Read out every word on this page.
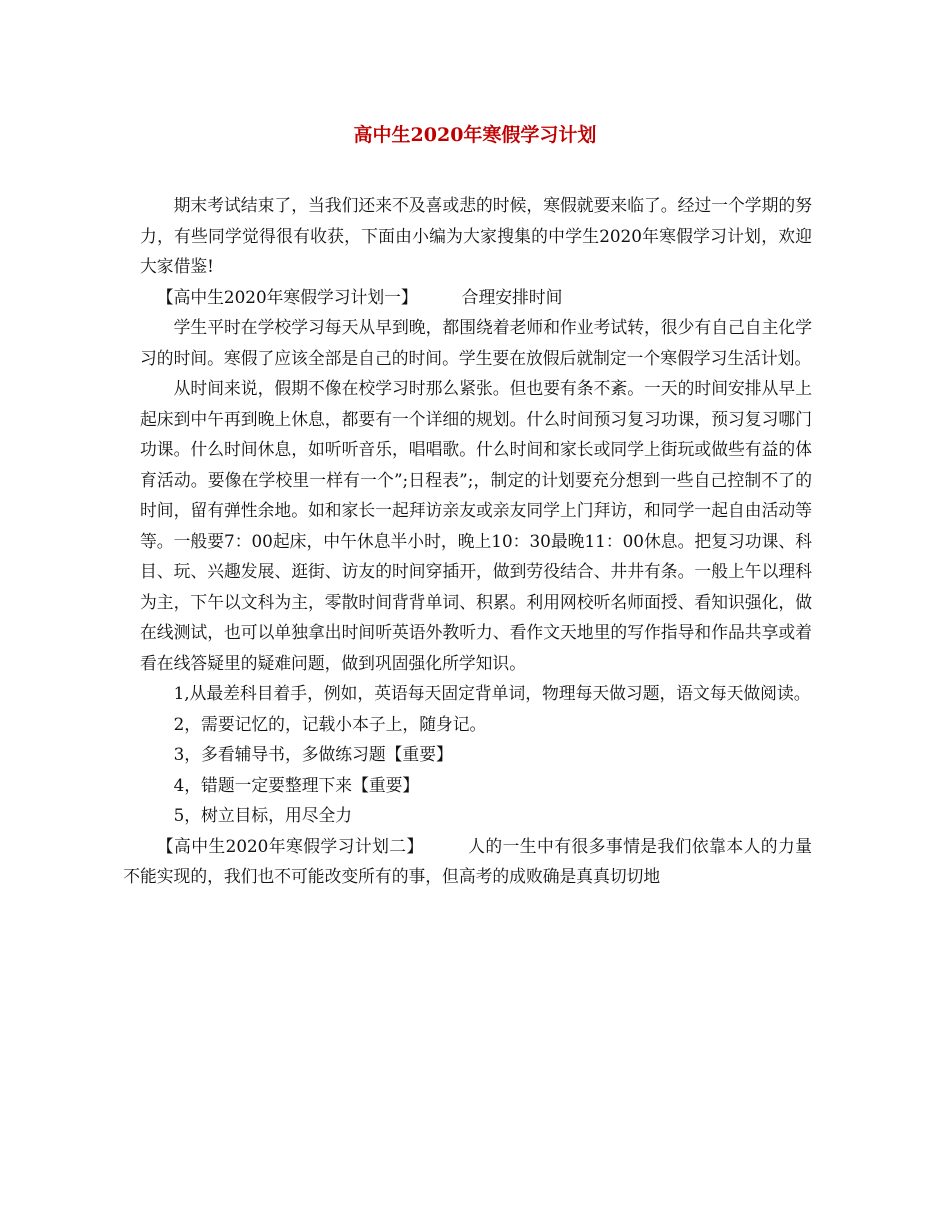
高中生2020年寒假学习计划

期末考试结束了，当我们还来不及喜或悲的时候，寒假就要来临了。经过一个学期的努力，有些同学觉得很有收获，下面由小编为大家搜集的中学生2020年寒假学习计划，欢迎大家借鉴!

【高中生2020年寒假学习计划一】	合理安排时间

学生平时在学校学习每天从早到晚，都围绕着老师和作业考试转，很少有自己自主化学习的时间。寒假了应该全部是自己的时间。学生要在放假后就制定一个寒假学习生活计划。

从时间来说，假期不像在校学习时那么紧张。但也要有条不紊。一天的时间安排从早上起床到中午再到晚上休息，都要有一个详细的规划。什么时间预习复习功课，预习复习哪门功课。什么时间休息，如听听音乐，唱唱歌。什么时间和家长或同学上街玩或做些有益的体育活动。要像在学校里一样有一个”;日程表”;，制定的计划要充分想到一些自己控制不了的时间，留有弹性余地。如和家长一起拜访亲友或亲友同学上门拜访，和同学一起自由活动等等。一般要7：00起床，中午休息半小时，晚上10：30最晚11：00休息。把复习功课、科目、玩、兴趣发展、逛街、访友的时间穿插开，做到劳役结合、井井有条。一般上午以理科为主，下午以文科为主，零散时间背背单词、积累。利用网校听名师面授、看知识强化，做在线测试，也可以单独拿出时间听英语外教听力、看作文天地里的写作指导和作品共享或着看在线答疑里的疑难问题，做到巩固强化所学知识。

1,从最差科目着手，例如，英语每天固定背单词，物理每天做习题，语文每天做阅读。

2，需要记忆的，记载小本子上，随身记。

3，多看辅导书，多做练习题【重要】

4，错题一定要整理下来【重要】

5，树立目标，用尽全力

【高中生2020年寒假学习计划二】	人的一生中有很多事情是我们依靠本人的力量不能实现的，我们也不可能改变所有的事，但高考的成败确是真真切切地
